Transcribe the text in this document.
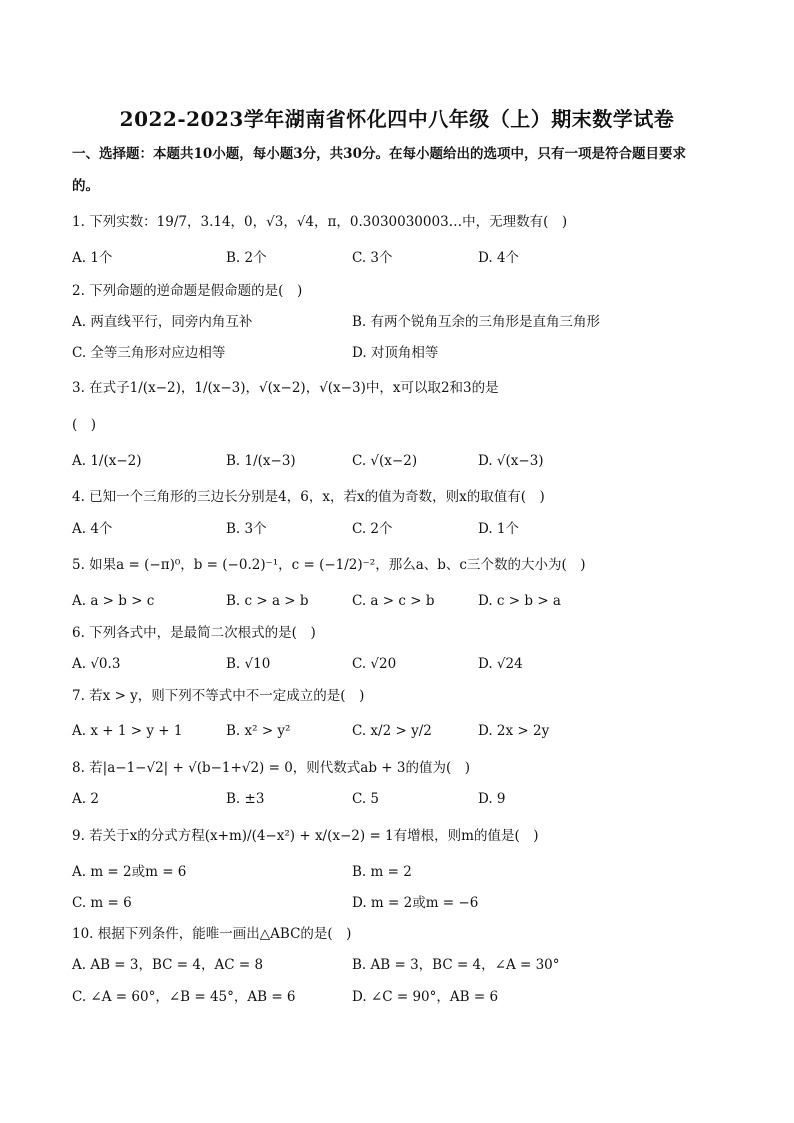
2022-2023学年湖南省怀化四中八年级（上）期末数学试卷
一、选择题：本题共10小题，每小题3分，共30分。在每小题给出的选项中，只有一项是符合题目要求
的。
1. 下列实数：19/7，3.14，0，√3，√4，π，0.3030030003…中，无理数有(　)
A. 1个	B. 2个	C. 3个	D. 4个
2. 下列命题的逆命题是假命题的是(　)
A. 两直线平行，同旁内角互补	B. 有两个锐角互余的三角形是直角三角形
C. 全等三角形对应边相等	D. 对顶角相等
3. 在式子1/(x−2)，1/(x−3)，√(x−2)，√(x−3)中，x可以取2和3的是
(　)
A. 1/(x−2)	B. 1/(x−3)	C. √(x−2)	D. √(x−3)
4. 已知一个三角形的三边长分别是4，6，x，若x的值为奇数，则x的取值有(　)
A. 4个	B. 3个	C. 2个	D. 1个
5. 如果a = (−π)⁰，b = (−0.2)⁻¹，c = (−1/2)⁻²，那么a、b、c三个数的大小为(　)
A. a > b > c	B. c > a > b	C. a > c > b	D. c > b > a
6. 下列各式中，是最简二次根式的是(　)
A. √0.3	B. √10	C. √20	D. √24
7. 若x > y，则下列不等式中不一定成立的是(　)
A. x + 1 > y + 1	B. x² > y²	C. x/2 > y/2	D. 2x > 2y
8. 若|a−1−√2| + √(b−1+√2) = 0，则代数式ab + 3的值为(　)
A. 2	B. ±3	C. 5	D. 9
9. 若关于x的分式方程(x+m)/(4−x²) + x/(x−2) = 1有增根，则m的值是(　)
A. m = 2或m = 6	B. m = 2
C. m = 6	D. m = 2或m = −6
10. 根据下列条件，能唯一画出△ABC的是(　)
A. AB = 3，BC = 4，AC = 8	B. AB = 3，BC = 4，∠A = 30°
C. ∠A = 60°，∠B = 45°，AB = 6	D. ∠C = 90°，AB = 6
